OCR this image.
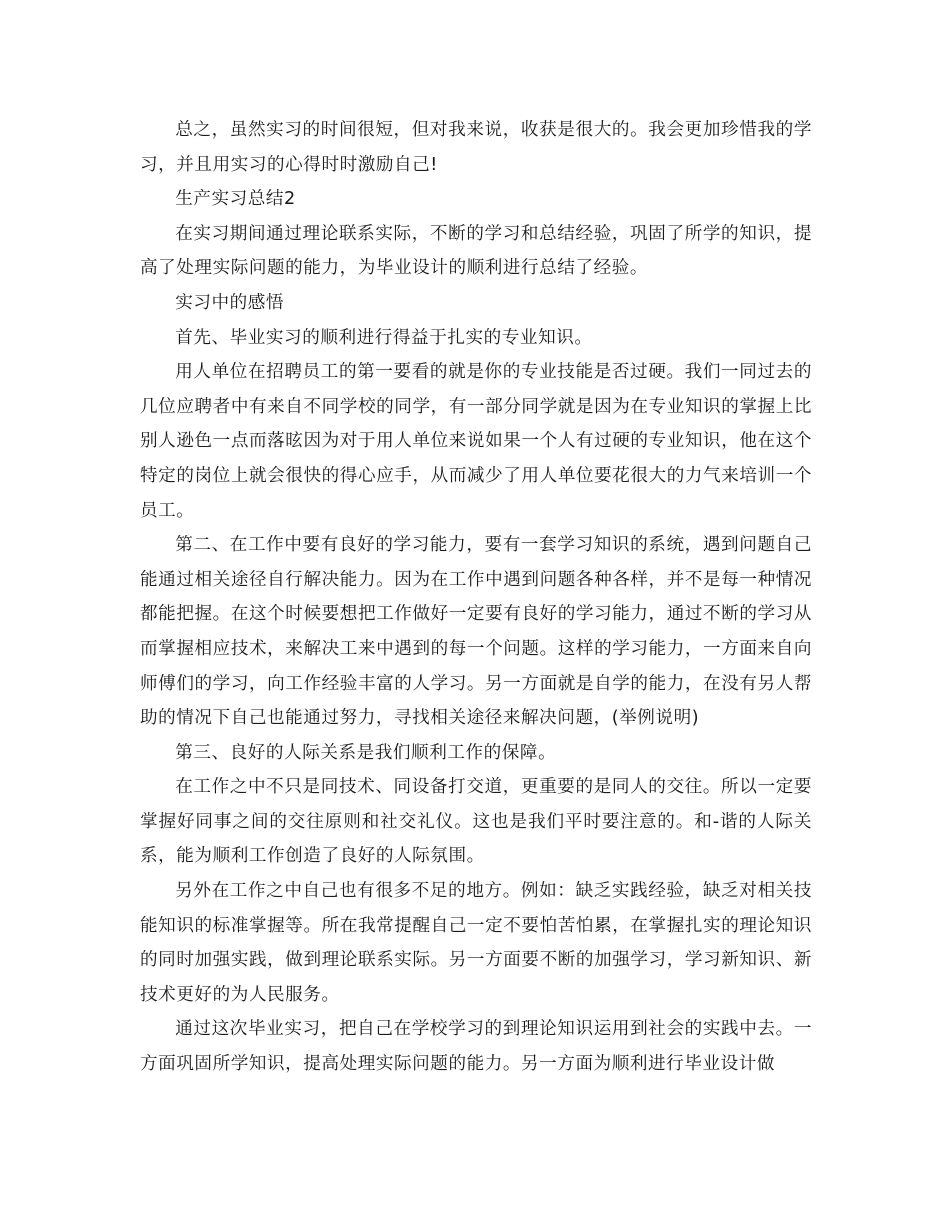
总之，虽然实习的时间很短，但对我来说，收获是很大的。我会更加珍惜我的学习，并且用实习的心得时时激励自己!

生产实习总结2

在实习期间通过理论联系实际，不断的学习和总结经验，巩固了所学的知识，提高了处理实际问题的能力，为毕业设计的顺利进行总结了经验。

实习中的感悟

首先、毕业实习的顺利进行得益于扎实的专业知识。

用人单位在招聘员工的第一要看的就是你的专业技能是否过硬。我们一同过去的几位应聘者中有来自不同学校的同学，有一部分同学就是因为在专业知识的掌握上比别人逊色一点而落昡因为对于用人单位来说如果一个人有过硬的专业知识，他在这个特定的岗位上就会很快的得心应手，从而减少了用人单位要花很大的力气来培训一个员工。

第二、在工作中要有良好的学习能力，要有一套学习知识的系统，遇到问题自己能通过相关途径自行解决能力。因为在工作中遇到问题各种各样，并不是每一种情况都能把握。在这个时候要想把工作做好一定要有良好的学习能力，通过不断的学习从而掌握相应技术，来解决工来中遇到的每一个问题。这样的学习能力，一方面来自向师傅们的学习，向工作经验丰富的人学习。另一方面就是自学的能力，在没有另人帮助的情况下自己也能通过努力，寻找相关途径来解决问题，(举例说明)

第三、良好的人际关系是我们顺利工作的保障。

在工作之中不只是同技术、同设备打交道，更重要的是同人的交往。所以一定要掌握好同事之间的交往原则和社交礼仪。这也是我们平时要注意的。和-谐的人际关系，能为顺利工作创造了良好的人际氛围。

另外在工作之中自己也有很多不足的地方。例如：缺乏实践经验，缺乏对相关技能知识的标准掌握等。所在我常提醒自己一定不要怕苦怕累，在掌握扎实的理论知识的同时加强实践，做到理论联系实际。另一方面要不断的加强学习，学习新知识、新技术更好的为人民服务。

通过这次毕业实习，把自己在学校学习的到理论知识运用到社会的实践中去。一方面巩固所学知识，提高处理实际问题的能力。另一方面为顺利进行毕业设计做
